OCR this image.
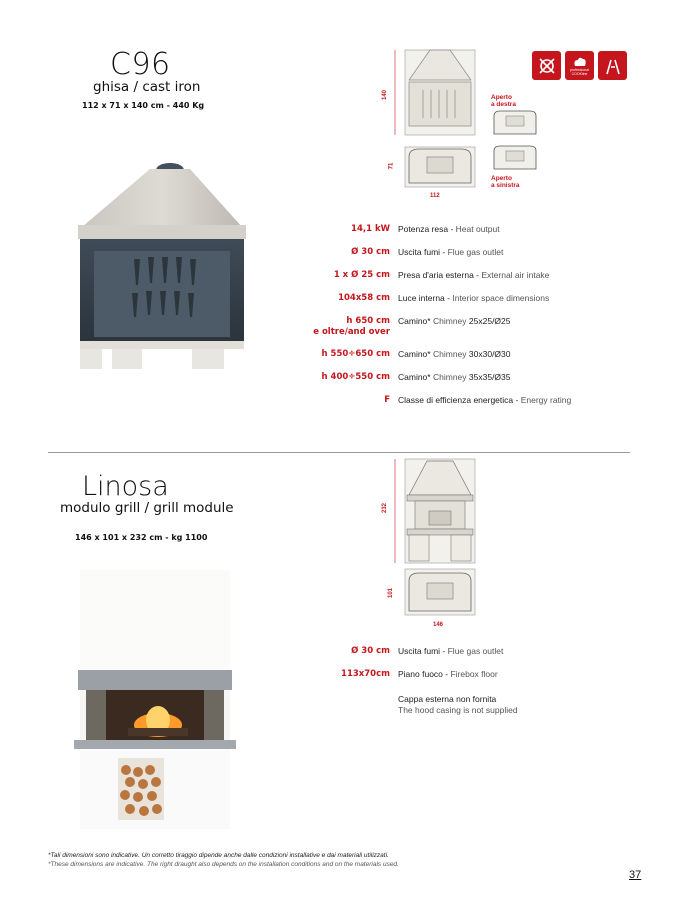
C96
ghisa / cast iron
112 x 71 x 140 cm - 440 Kg
140
71
112
Aperto
a destra
Aperto
a sinistra
professional COOKline
14,1 kW Potenza resa - Heat output
Ø 30 cm Uscita fumi - Flue gas outlet
1 x Ø 25 cm Presa d'aria esterna - External air intake
104x58 cm Luce interna - Interior space dimensions
h 650 cm
e oltre/and over
Camino* Chimney 25x25/Ø25
h 550÷650 cm Camino* Chimney 30x30/Ø30
h 400÷550 cm Camino* Chimney 35x35/Ø35
F Classe di efficienza energetica - Energy rating
Linosa
modulo grill / grill module
146 x 101 x 232 cm - kg 1100
232
101
146
Ø 30 cm Uscita fumi - Flue gas outlet
113x70cm Piano fuoco - Firebox floor
Cappa esterna non fornita
The hood casing is not supplied
*Tali dimensioni sono indicative. Un corretto tiraggio dipende anche dalle condizioni installative e dai materiali utilizzati.
*These dimensions are indicative. The right draught also depends on the installation conditions and on the materials used.
37
